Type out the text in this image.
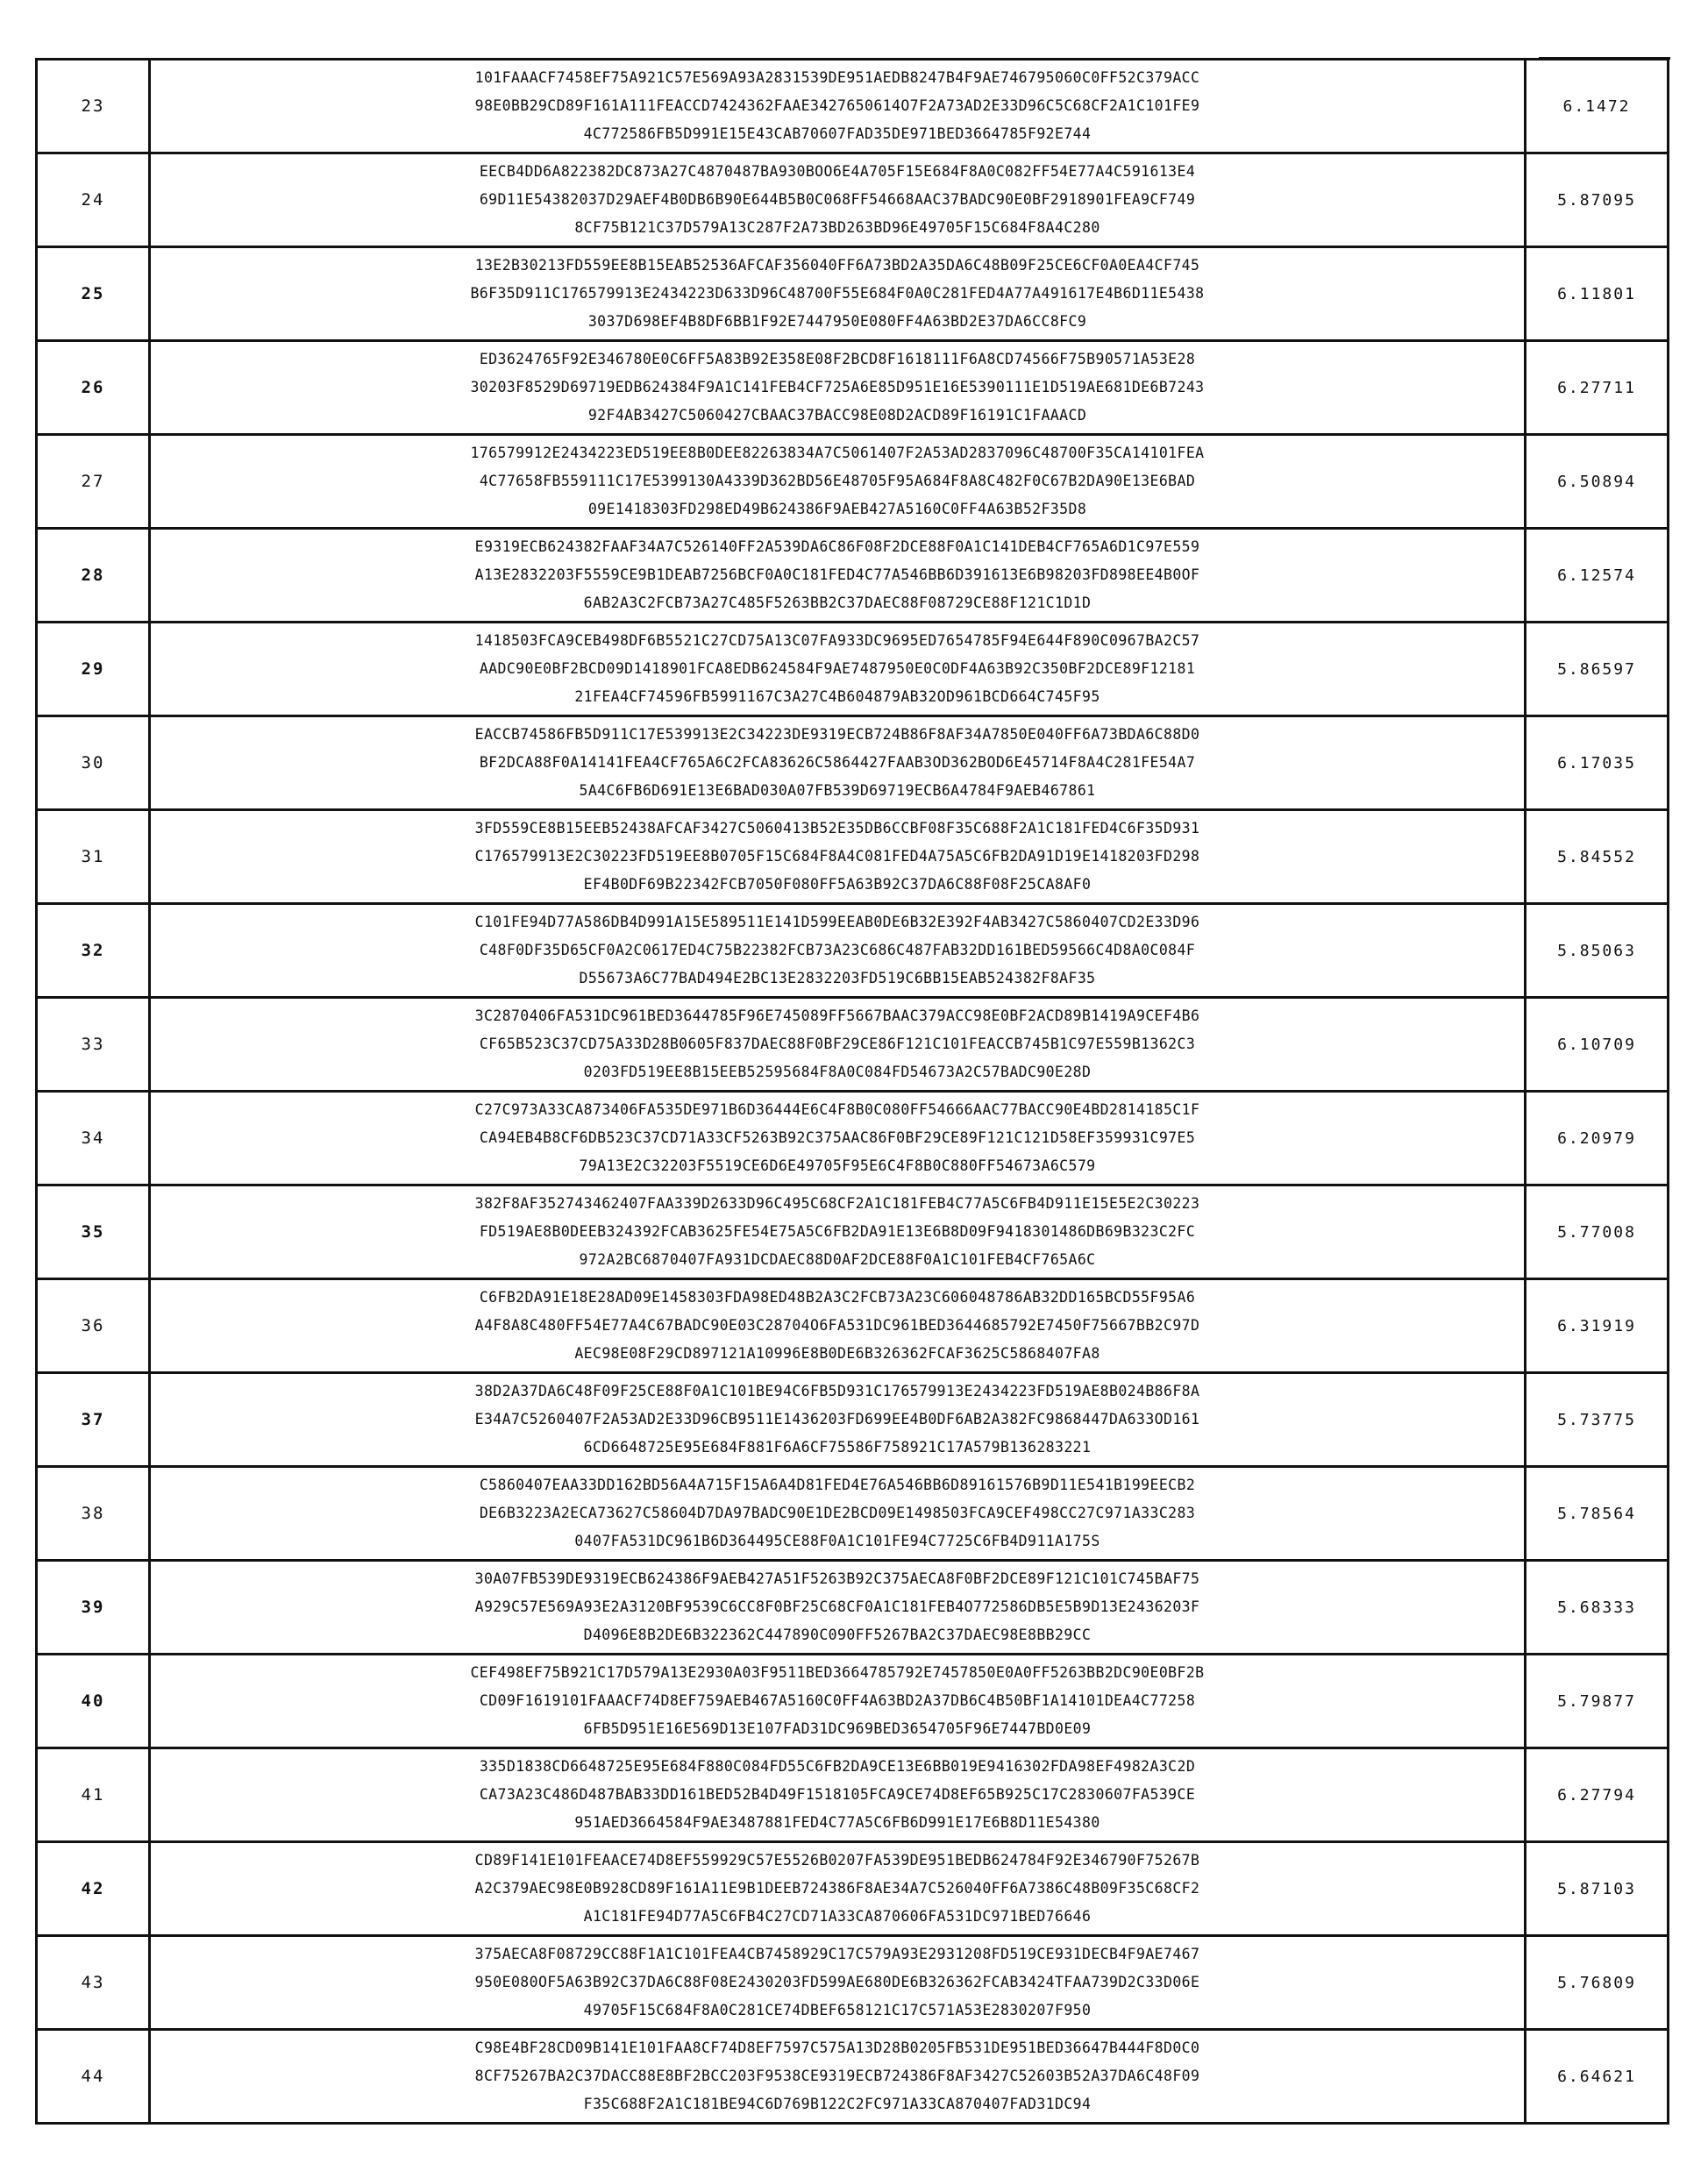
23	
101FAAACF7458EF75A921C57E569A93A2831539DE951AEDB8247B4F9AE746795060C0FF52C379ACC
98E0BB29CD89F161A111FEACCD7424362FAAE3427650614O7F2A73AD2E33D96C5C68CF2A1C101FE9
4C772586FB5D991E15E43CAB70607FAD35DE971BED3664785F92E744
	6.1472
24	
EECB4DD6A822382DC873A27C4870487BA930BOO6E4A705F15E684F8A0C082FF54E77A4C591613E4
69D11E54382037D29AEF4B0DB6B90E644B5B0C068FF54668AAC37BADC90E0BF2918901FEA9CF749
8CF75B121C37D579A13C287F2A73BD263BD96E49705F15C684F8A4C280
	5.87095
25	
13E2B30213FD559EE8B15EAB52536AFCAF356040FF6A73BD2A35DA6C48B09F25CE6CF0A0EA4CF745
B6F35D911C176579913E2434223D633D96C48700F55E684F0A0C281FED4A77A491617E4B6D11E5438
3037D698EF4B8DF6BB1F92E7447950E080FF4A63BD2E37DA6CC8FC9
	6.11801
26	
ED3624765F92E346780E0C6FF5A83B92E358E08F2BCD8F1618111F6A8CD74566F75B90571A53E28
30203F8529D69719EDB624384F9A1C141FEB4CF725A6E85D951E16E5390111E1D519AE681DE6B7243
92F4AB3427C5060427CBAAC37BACC98E08D2ACD89F16191C1FAAACD
	6.27711
27	
176579912E2434223ED519EE8B0DEE82263834A7C5061407F2A53AD2837096C48700F35CA14101FEA
4C77658FB559111C17E5399130A4339D362BD56E48705F95A684F8A8C482F0C67B2DA90E13E6BAD
09E1418303FD298ED49B624386F9AEB427A5160C0FF4A63B52F35D8
	6.50894
28	
E9319ECB624382FAAF34A7C526140FF2A539DA6C86F08F2DCE88F0A1C141DEB4CF765A6D1C97E559
A13E2832203F5559CE9B1DEAB7256BCF0A0C181FED4C77A546BB6D391613E6B98203FD898EE4B0OF
6AB2A3C2FCB73A27C485F5263BB2C37DAEC88F08729CE88F121C1D1D
	6.12574
29	
1418503FCA9CEB498DF6B5521C27CD75A13C07FA933DC9695ED7654785F94E644F890C0967BA2C57
AADC90E0BF2BCD09D1418901FCA8EDB624584F9AE7487950E0C0DF4A63B92C350BF2DCE89F12181
21FEA4CF74596FB5991167C3A27C4B604879AB32OD961BCD664C745F95
	5.86597
30	
EACCB74586FB5D911C17E539913E2C34223DE9319ECB724B86F8AF34A7850E040FF6A73BDA6C88D0
BF2DCA88F0A14141FEA4CF765A6C2FCA83626C5864427FAAB3OD362BOD6E45714F8A4C281FE54A7
5A4C6FB6D691E13E6BAD030A07FB539D69719ECB6A4784F9AEB467861
	6.17035
31	
3FD559CE8B15EEB52438AFCAF3427C5060413B52E35DB6CCBF08F35C688F2A1C181FED4C6F35D931
C176579913E2C30223FD519EE8B0705F15C684F8A4C081FED4A75A5C6FB2DA91D19E1418203FD298
EF4B0DF69B22342FCB7050F080FF5A63B92C37DA6C88F08F25CA8AF0
	5.84552
32	
C101FE94D77A586DB4D991A15E589511E141D599EEAB0DE6B32E392F4AB3427C5860407CD2E33D96
C48F0DF35D65CF0A2C0617ED4C75B22382FCB73A23C686C487FAB32DD161BED59566C4D8A0C084F
D55673A6C77BAD494E2BC13E2832203FD519C6BB15EAB524382F8AF35
	5.85063
33	
3C2870406FA531DC961BED3644785F96E745089FF5667BAAC379ACC98E0BF2ACD89B1419A9CEF4B6
CF65B523C37CD75A33D28B0605F837DAEC88F0BF29CE86F121C101FEACCB745B1C97E559B1362C3
0203FD519EE8B15EEB52595684F8A0C084FD54673A2C57BADC90E28D
	6.10709
34	
C27C973A33CA873406FA535DE971B6D36444E6C4F8B0C080FF54666AAC77BACC90E4BD2814185C1F
CA94EB4B8CF6DB523C37CD71A33CF5263B92C375AAC86F0BF29CE89F121C121D58EF359931C97E5
79A13E2C32203F5519CE6D6E49705F95E6C4F8B0C880FF54673A6C579
	6.20979
35	
382F8AF352743462407FAA339D2633D96C495C68CF2A1C181FEB4C77A5C6FB4D911E15E5E2C30223
FD519AE8B0DEEB324392FCAB3625FE54E75A5C6FB2DA91E13E6B8D09F9418301486DB69B323C2FC
972A2BC6870407FA931DCDAEC88D0AF2DCE88F0A1C101FEB4CF765A6C
	5.77008
36	
C6FB2DA91E18E28AD09E1458303FDA98ED48B2A3C2FCB73A23C606048786AB32DD165BCD55F95A6
A4F8A8C480FF54E77A4C67BADC90E03C28704O6FA531DC961BED3644685792E7450F75667BB2C97D
AEC98E08F29CD897121A10996E8B0DE6B326362FCAF3625C5868407FA8
	6.31919
37	
38D2A37DA6C48F09F25CE88F0A1C101BE94C6FB5D931C176579913E2434223FD519AE8B024B86F8A
E34A7C5260407F2A53AD2E33D96CB9511E1436203FD699EE4B0DF6AB2A382FC9868447DA633OD161
6CD6648725E95E684F881F6A6CF75586F758921C17A579B136283221
	5.73775
38	
C5860407EAA33DD162BD56A4A715F15A6A4D81FED4E76A546BB6D89161576B9D11E541B199EECB2
DE6B3223A2ECA73627C58604D7DA97BADC90E1DE2BCD09E1498503FCA9CEF498CC27C971A33C283
0407FA531DC961B6D364495CE88F0A1C101FE94C7725C6FB4D911A175S
	5.78564
39	
30A07FB539DE9319ECB624386F9AEB427A51F5263B92C375AECA8F0BF2DCE89F121C101C745BAF75
A929C57E569A93E2A3120BF9539C6CC8F0BF25C68CF0A1C181FEB4O772586DB5E5B9D13E2436203F
D4096E8B2DE6B322362C447890C090FF5267BA2C37DAEC98E8BB29CC
	5.68333
40	
CEF498EF75B921C17D579A13E2930A03F9511BED3664785792E7457850E0A0FF5263BB2DC90E0BF2B
CD09F1619101FAAACF74D8EF759AEB467A5160C0FF4A63BD2A37DB6C4B50BF1A14101DEA4C77258
6FB5D951E16E569D13E107FAD31DC969BED3654705F96E7447BD0E09
	5.79877
41	
335D1838CD6648725E95E684F880C084FD55C6FB2DA9CE13E6BB019E9416302FDA98EF4982A3C2D
CA73A23C486D487BAB33DD161BED52B4D49F1518105FCA9CE74D8EF65B925C17C2830607FA539CE
951AED3664584F9AE3487881FED4C77A5C6FB6D991E17E6B8D11E54380
	6.27794
42	
CD89F141E101FEAACE74D8EF559929C57E5526B0207FA539DE951BEDB624784F92E346790F75267B
A2C379AEC98E0B928CD89F161A11E9B1DEEB724386F8AE34A7C526040FF6A7386C48B09F35C68CF2
A1C181FE94D77A5C6FB4C27CD71A33CA870606FA531DC971BED76646
	5.87103
43	
375AECA8F08729CC88F1A1C101FEA4CB7458929C17C579A93E2931208FD519CE931DECB4F9AE7467
950E080OF5A63B92C37DA6C88F08E2430203FD599AE680DE6B326362FCAB3424TFAA739D2C33D06E
49705F15C684F8A0C281CE74DBEF658121C17C571A53E2830207F950
	5.76809
44	
C98E4BF28CD09B141E101FAA8CF74D8EF7597C575A13D28B0205FB531DE951BED36647B444F8D0C0
8CF75267BA2C37DACC88E8BF2BCC203F9538CE9319ECB724386F8AF3427C52603B52A37DA6C48F09
F35C688F2A1C181BE94C6D769B122C2FC971A33CA870407FAD31DC94
	6.64621
